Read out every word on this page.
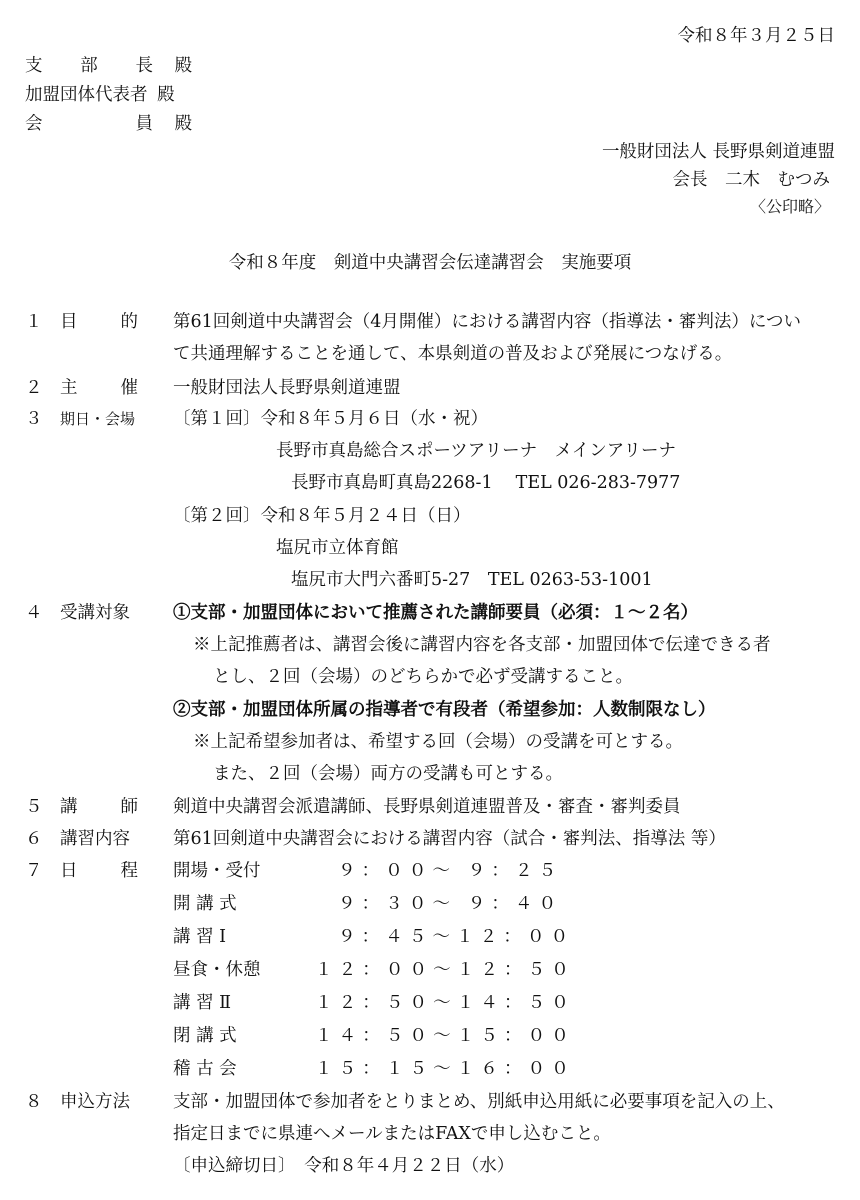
令和８年３月２５日
支 部 長 殿
加盟団体代表者 殿
会	員 殿
一般財団法人 長野県剣道連盟
会長　二木　むつみ
〈公印略〉
令和８年度　剣道中央講習会伝達講習会　実施要項
１	目 的 第61回剣道中央講習会（4月開催）における講習内容（指導法・審判法）につい
て共通理解することを通して、本県剣道の普及および発展につなげる。
２	主 催 一般財団法人長野県剣道連盟
３	期日・会場 〔第１回〕令和８年５月６日（水・祝）
長野市真島総合スポーツアリーナ　メインアリーナ
長野市真島町真島2268-1　 TEL 026-283-7977
〔第２回〕令和８年５月２４日（日）
塩尻市立体育館
塩尻市大門六番町5-27　TEL 0263-53-1001
４	受講対象 ①支部・加盟団体において推薦された講師要員（必須：１～２名）
※上記推薦者は、講習会後に講習内容を各支部・加盟団体で伝達できる者
とし、２回（会場）のどちらかで必ず受講すること。
②支部・加盟団体所属の指導者で有段者（希望参加：人数制限なし）
※上記希望参加者は、希望する回（会場）の受講を可とする。
また、２回（会場）両方の受講も可とする。
５	講 師 剣道中央講習会派遣講師、長野県剣道連盟普及・審査・審判委員
６	講習内容 第61回剣道中央講習会における講習内容（試合・審判法、指導法 等）
７	日 程 開場・受付	９：００～ ９：２５
開 講 式	９：３０～ ９：４０
講 習 Ⅰ	９：４５～１２：００
昼食・休憩	１２：００～１２：５０
講 習 Ⅱ	１２：５０～１４：５０
閉 講 式	１４：５０～１５：００
稽 古 会	１５：１５～１６：００
８	申込方法 支部・加盟団体で参加者をとりまとめ、別紙申込用紙に必要事項を記入の上、
指定日までに県連へメールまたはFAXで申し込むこと。
〔申込締切日〕　令和８年４月２２日（水）
